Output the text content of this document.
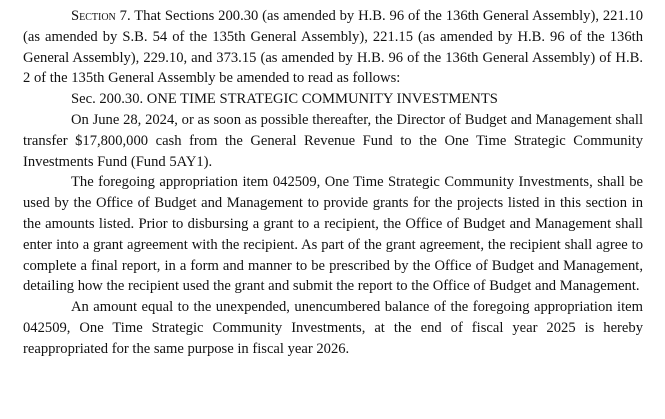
Section 7. That Sections 200.30 (as amended by H.B. 96 of the 136th General Assembly), 221.10 (as amended by S.B. 54 of the 135th General Assembly), 221.15 (as amended by H.B. 96 of the 136th General Assembly), 229.10, and 373.15 (as amended by H.B. 96 of the 136th General Assembly) of H.B. 2 of the 135th General Assembly be amended to read as follows:

Sec. 200.30. ONE TIME STRATEGIC COMMUNITY INVESTMENTS

On June 28, 2024, or as soon as possible thereafter, the Director of Budget and Management shall transfer $17,800,000 cash from the General Revenue Fund to the One Time Strategic Community Investments Fund (Fund 5AY1).

The foregoing appropriation item 042509, One Time Strategic Community Investments, shall be used by the Office of Budget and Management to provide grants for the projects listed in this section in the amounts listed. Prior to disbursing a grant to a recipient, the Office of Budget and Management shall enter into a grant agreement with the recipient. As part of the grant agreement, the recipient shall agree to complete a final report, in a form and manner to be prescribed by the Office of Budget and Management, detailing how the recipient used the grant and submit the report to the Office of Budget and Management.

An amount equal to the unexpended, unencumbered balance of the foregoing appropriation item 042509, One Time Strategic Community Investments, at the end of fiscal year 2025 is hereby reappropriated for the same purpose in fiscal year 2026.
